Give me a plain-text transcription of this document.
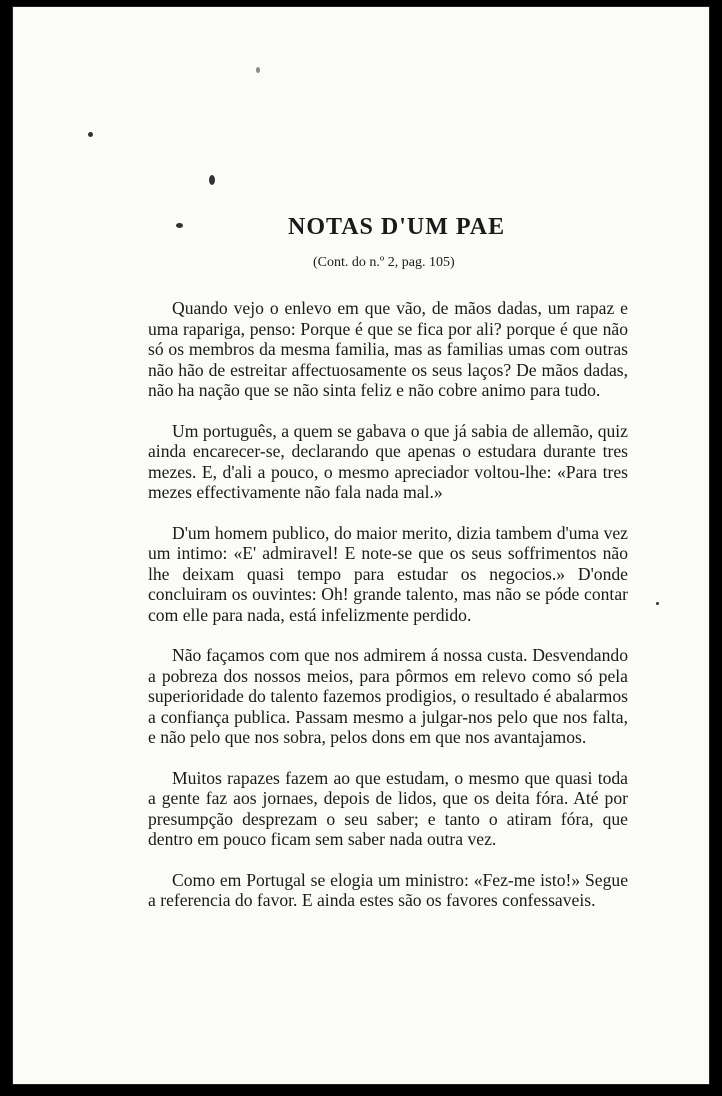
NOTAS D'UM PAE

(Cont. do n.º 2, pag. 105)

Quando vejo o enlevo em que vão, de mãos dadas, um rapaz e uma rapariga, penso: Porque é que se fica por ali? porque é que não só os membros da mesma familia, mas as familias umas com outras não hão de estreitar affectuosamente os seus laços? De mãos dadas, não ha nação que se não sinta feliz e não cobre animo para tudo.

Um português, a quem se gabava o que já sabia de allemão, quiz ainda encarecer-se, declarando que apenas o estudara durante tres mezes. E, d'ali a pouco, o mesmo apreciador voltou-lhe: «Para tres mezes effectivamente não fala nada mal.»

D'um homem publico, do maior merito, dizia tambem d'uma vez um intimo: «E' admiravel! E note-se que os seus soffrimentos não lhe deixam quasi tempo para estudar os negocios.» D'onde concluiram os ouvintes: Oh! grande talento, mas não se póde contar com elle para nada, está infelizmente perdido.

Não façamos com que nos admirem á nossa custa. Desvendando a pobreza dos nossos meios, para pôrmos em relevo como só pela superioridade do talento fazemos prodigios, o resultado é abalarmos a confiança publica. Passam mesmo a julgar-nos pelo que nos falta, e não pelo que nos sobra, pelos dons em que nos avantajamos.

Muitos rapazes fazem ao que estudam, o mesmo que quasi toda a gente faz aos jornaes, depois de lidos, que os deita fóra. Até por presumpção desprezam o seu saber; e tanto o atiram fóra, que dentro em pouco ficam sem saber nada outra vez.

Como em Portugal se elogia um ministro: «Fez-me isto!» Segue a referencia do favor. E ainda estes são os favores confessaveis.
